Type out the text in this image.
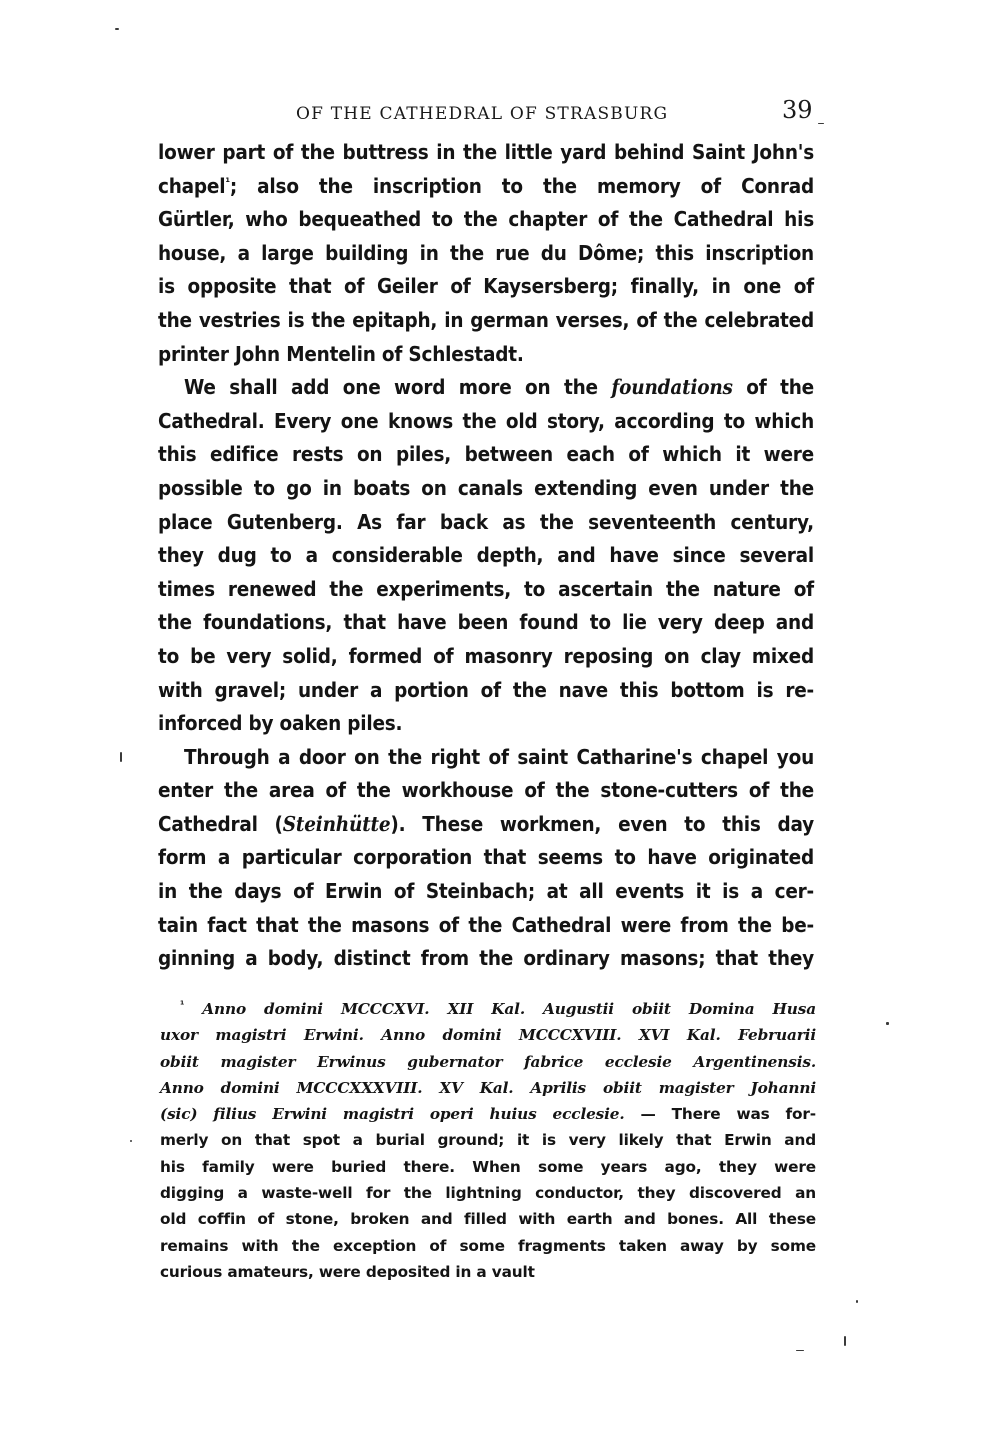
OF THE CATHEDRAL OF STRASBURG	39
lower part of the buttress in the little yard behind Saint John's
chapel$^{^1}$; also the inscription to the memory of Conrad
Gürtler, who bequeathed to the chapter of the Cathedral his
house, a large building in the rue du Dôme; this inscription
is opposite that of Geiler of Kaysersberg; finally, in one of
the vestries is the epitaph, in german verses, of the celebrated
printer John Mentelin of Schlestadt.
We shall add one word more on the foundations of the
Cathedral. Every one knows the old story, according to which
this edifice rests on piles, between each of which it were
possible to go in boats on canals extending even under the
place Gutenberg. As far back as the seventeenth century,
they dug to a considerable depth, and have since several
times renewed the experiments, to ascertain the nature of
the foundations, that have been found to lie very deep and
to be very solid, formed of masonry reposing on clay mixed
with gravel; under a portion of the nave this bottom is re-
inforced by oaken piles.
Through a door on the right of saint Catharine's chapel you
enter the area of the workhouse of the stone-cutters of the
Cathedral (Steinhütte). These workmen, even to this day
form a particular corporation that seems to have originated
in the days of Erwin of Steinbach; at all events it is a cer-
tain fact that the masons of the Cathedral were from the be-
ginning a body, distinct from the ordinary masons; that they
$^{^1}$ Anno domini MCCCXVI. XII Kal. Augustii obiit Domina Husa
uxor magistri Erwini. Anno domini MCCCXVIII. XVI Kal. Februarii
obiit magister Erwinus gubernator fabrice ecclesie Argentinensis.
Anno domini MCCCXXXVIII. XV Kal. Aprilis obiit magister Johanni
(sic) filius Erwini magistri operi huius ecclesie. — There was for-
merly on that spot a burial ground; it is very likely that Erwin and
his family were buried there. When some years ago, they were
digging a waste-well for the lightning conductor, they discovered an
old coffin of stone, broken and filled with earth and bones. All these
remains with the exception of some fragments taken away by some
curious amateurs, were deposited in a vault
